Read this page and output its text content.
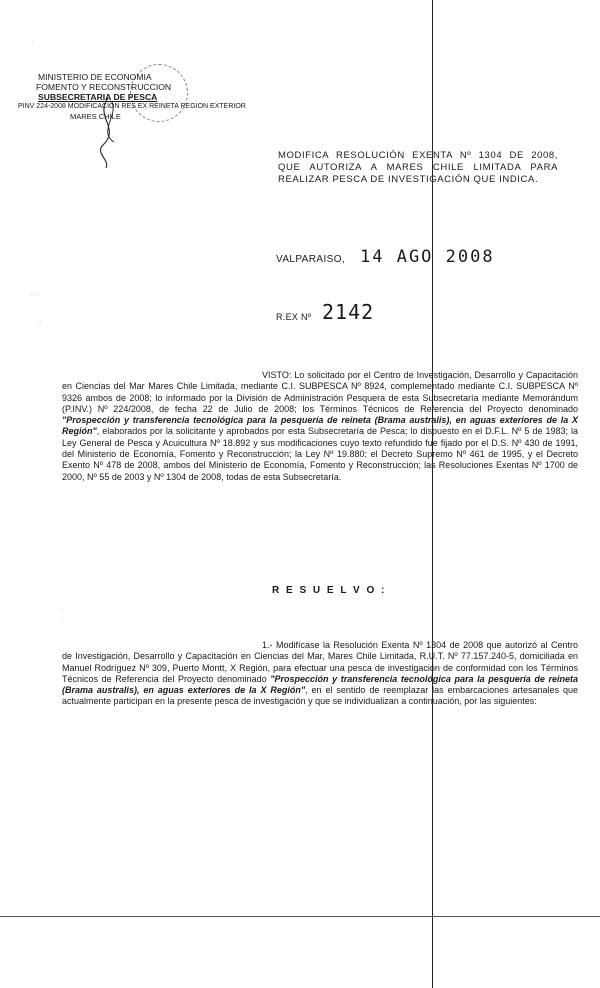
MINISTERIO DE ECONOMIA
FOMENTO Y RECONSTRUCCION
SUBSECRETARIA DE PESCA
PINV 224-2008 MODIFICACION RES EX REINETA REGION EXTERIOR
MARES CHILE
MODIFICA RESOLUCIÓN EXENTA Nº 1304 DE 2008, QUE AUTORIZA A MARES CHILE LIMITADA PARA REALIZAR PESCA DE INVESTIGACIÓN QUE INDICA.
VALPARAISO, 14 AGO 2008
R.EX Nº 2142
VISTO: Lo solicitado por el Centro de Investigación, Desarrollo y Capacitación en Ciencias del Mar Mares Chile Limitada, mediante C.I. SUBPESCA Nº 8924, complementado mediante C.I. SUBPESCA Nº 9326 ambos de 2008; lo informado por la División de Administración Pesquera de esta Subsecretaría mediante Memorándum (P.INV.) Nº 224/2008, de fecha 22 de Julio de 2008; los Términos Técnicos de Referencia del Proyecto denominado "Prospección y transferencia tecnológica para la pesquería de reineta (Brama australis), en aguas exteriores de la X Región", elaborados por la solicitante y aprobados por esta Subsecretaría de Pesca; lo dispuesto en el D.F.L. Nº 5 de 1983; la Ley General de Pesca y Acuicultura Nº 18.892 y sus modificaciones cuyo texto refundido fue fijado por el D.S. Nº 430 de 1991, del Ministerio de Economía, Fomento y Reconstrucción; la Ley Nº 19.880; el Decreto Supremo Nº 461 de 1995, y el Decreto Exento Nº 478 de 2008, ambos del Ministerio de Economía, Fomento y Reconstrucción; las Resoluciones Exentas Nº 1700 de 2000, Nº 55 de 2003 y Nº 1304 de 2008, todas de esta Subsecretaría.
R E S U E L V O :
1.- Modifícase la Resolución Exenta Nº 1304 de 2008 que autorizó al Centro de Investigación, Desarrollo y Capacitación en Ciencias del Mar, Mares Chile Limitada, R.U.T. Nº 77.157.240-5, domiciliada en Manuel Rodríguez Nº 309, Puerto Montt, X Región, para efectuar una pesca de investigación de conformidad con los Términos Técnicos de Referencia del Proyecto denominado "Prospección y transferencia tecnológica para la pesquería de reineta (Brama australis), en aguas exteriores de la X Región", en el sentido de reemplazar las embarcaciones artesanales que actualmente participan en la presente pesca de investigación y que se individualizan a continuación, por las siguientes:
.
. . .
. .
.
.
